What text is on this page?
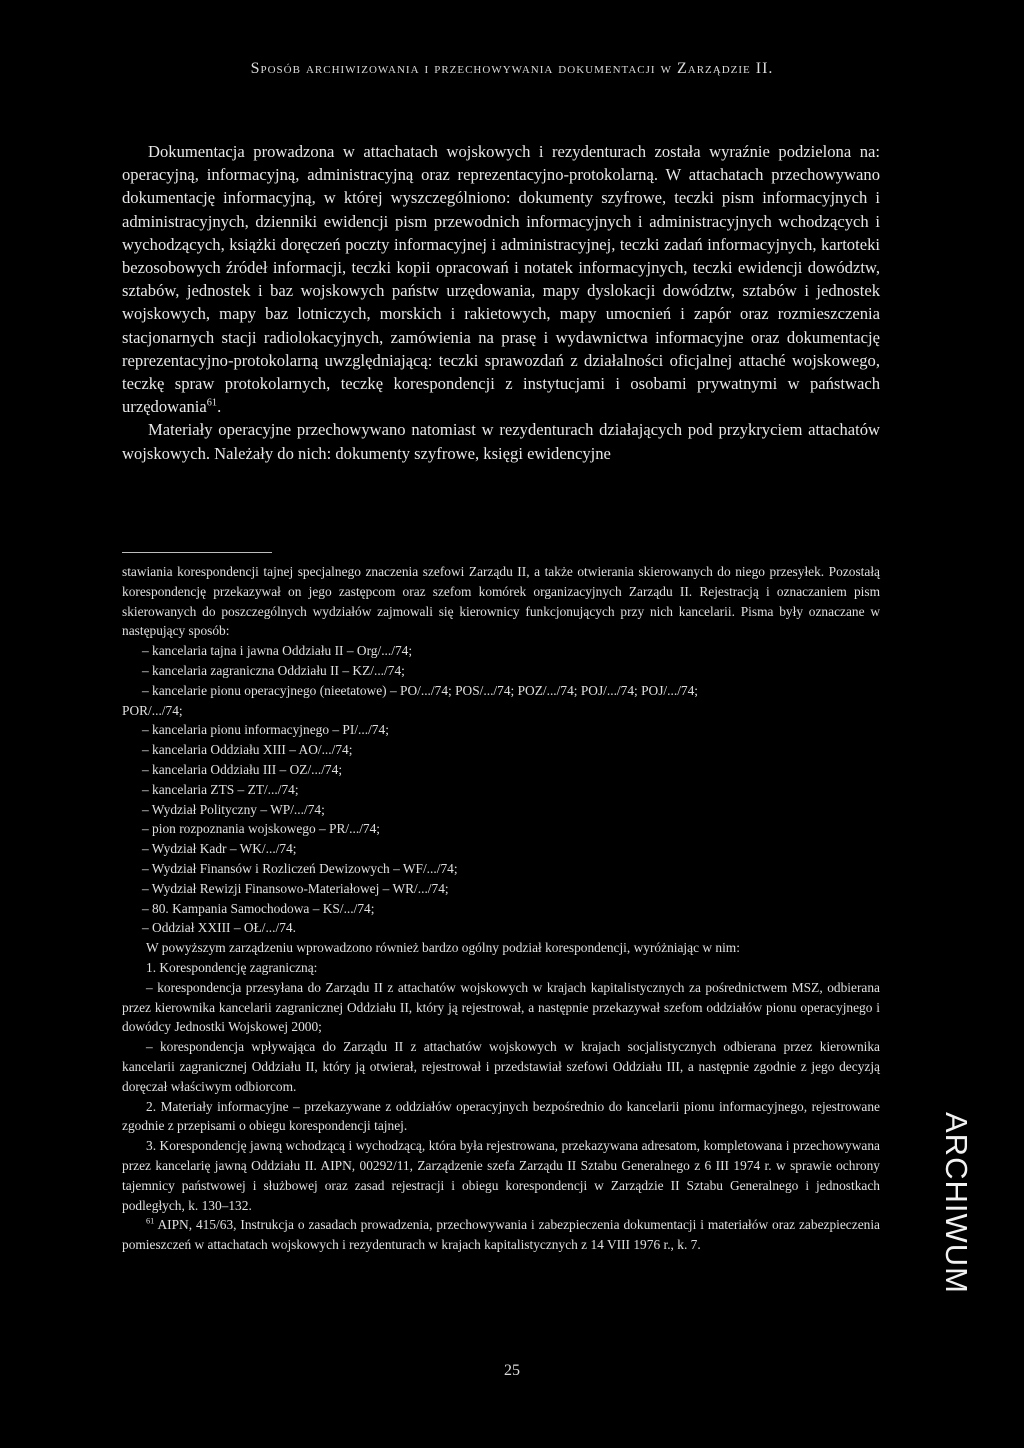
Sposób archiwizowania i przechowywania dokumentacji w Zarządzie II.

Dokumentacja prowadzona w attachatach wojskowych i rezydenturach została wyraźnie podzielona na: operacyjną, informacyjną, administracyjną oraz reprezentacyjno-protokolarną. W attachatach przechowywano dokumentację informacyjną, w której wyszczególniono: dokumenty szyfrowe, teczki pism informacyjnych i administracyjnych, dzienniki ewidencji pism przewodnich informacyjnych i administracyjnych wchodzących i wychodzących, książki doręczeń poczty informacyjnej i administracyjnej, teczki zadań informacyjnych, kartoteki bezosobowych źródeł informacji, teczki kopii opracowań i notatek informacyjnych, teczki ewidencji dowództw, sztabów, jednostek i baz wojskowych państw urzędowania, mapy dyslokacji dowództw, sztabów i jednostek wojskowych, mapy baz lotniczych, morskich i rakietowych, mapy umocnień i zapór oraz rozmieszczenia stacjonarnych stacji radiolokacyjnych, zamówienia na prasę i wydawnictwa informacyjne oraz dokumentację reprezentacyjno-protokolarną uwzględniającą: teczki sprawozdań z działalności oficjalnej attaché wojskowego, teczkę spraw protokolarnych, teczkę korespondencji z instytucjami i osobami prywatnymi w państwach urzędowania$^{61}$.

Materiały operacyjne przechowywano natomiast w rezydenturach działających pod przykryciem attachatów wojskowych. Należały do nich: dokumenty szyfrowe, księgi ewidencyjne

stawiania korespondencji tajnej specjalnego znaczenia szefowi Zarządu II, a także otwierania skierowanych do niego przesyłek. Pozostałą korespondencję przekazywał on jego zastępcom oraz szefom komórek organizacyjnych Zarządu II. Rejestracją i oznaczaniem pism skierowanych do poszczególnych wydziałów zajmowali się kierownicy funkcjonujących przy nich kancelarii. Pisma były oznaczane w następujący sposób:

– kancelaria tajna i jawna Oddziału II – Org/.../74;

– kancelaria zagraniczna Oddziału II – KZ/.../74;

– kancelarie pionu operacyjnego (nieetatowe) – PO/.../74; POS/.../74; POZ/.../74; POJ/.../74; POJ/.../74;

POR/.../74;

– kancelaria pionu informacyjnego – PI/.../74;

– kancelaria Oddziału XIII – AO/.../74;

– kancelaria Oddziału III – OZ/.../74;

– kancelaria ZTS – ZT/.../74;

– Wydział Polityczny – WP/.../74;

– pion rozpoznania wojskowego – PR/.../74;

– Wydział Kadr – WK/.../74;

– Wydział Finansów i Rozliczeń Dewizowych – WF/.../74;

– Wydział Rewizji Finansowo-Materiałowej – WR/.../74;

– 80. Kampania Samochodowa – KS/.../74;

– Oddział XXIII – OŁ/.../74.

W powyższym zarządzeniu wprowadzono również bardzo ogólny podział korespondencji, wyróżniając w nim:

1. Korespondencję zagraniczną:

– korespondencja przesyłana do Zarządu II z attachatów wojskowych w krajach kapitalistycznych za pośrednictwem MSZ, odbierana przez kierownika kancelarii zagranicznej Oddziału II, który ją rejestrował, a następnie przekazywał szefom oddziałów pionu operacyjnego i dowódcy Jednostki Wojskowej 2000;

– korespondencja wpływająca do Zarządu II z attachatów wojskowych w krajach socjalistycznych odbierana przez kierownika kancelarii zagranicznej Oddziału II, który ją otwierał, rejestrował i przedstawiał szefowi Oddziału III, a następnie zgodnie z jego decyzją doręczał właściwym odbiorcom.

2. Materiały informacyjne – przekazywane z oddziałów operacyjnych bezpośrednio do kancelarii pionu informacyjnego, rejestrowane zgodnie z przepisami o obiegu korespondencji tajnej.

3. Korespondencję jawną wchodzącą i wychodzącą, która była rejestrowana, przekazywana adresatom, kompletowana i przechowywana przez kancelarię jawną Oddziału II. AIPN, 00292/11, Zarządzenie szefa Zarządu II Sztabu Generalnego z 6 III 1974 r. w sprawie ochrony tajemnicy państwowej i służbowej oraz zasad rejestracji i obiegu korespondencji w Zarządzie II Sztabu Generalnego i jednostkach podległych, k. 130–132.

$^{61}$ AIPN, 415/63, Instrukcja o zasadach prowadzenia, przechowywania i zabezpieczenia dokumentacji i materiałów oraz zabezpieczenia pomieszczeń w attachatach wojskowych i rezydenturach w krajach kapitalistycznych z 14 VIII 1976 r., k. 7.	ARCHIWUM
25
